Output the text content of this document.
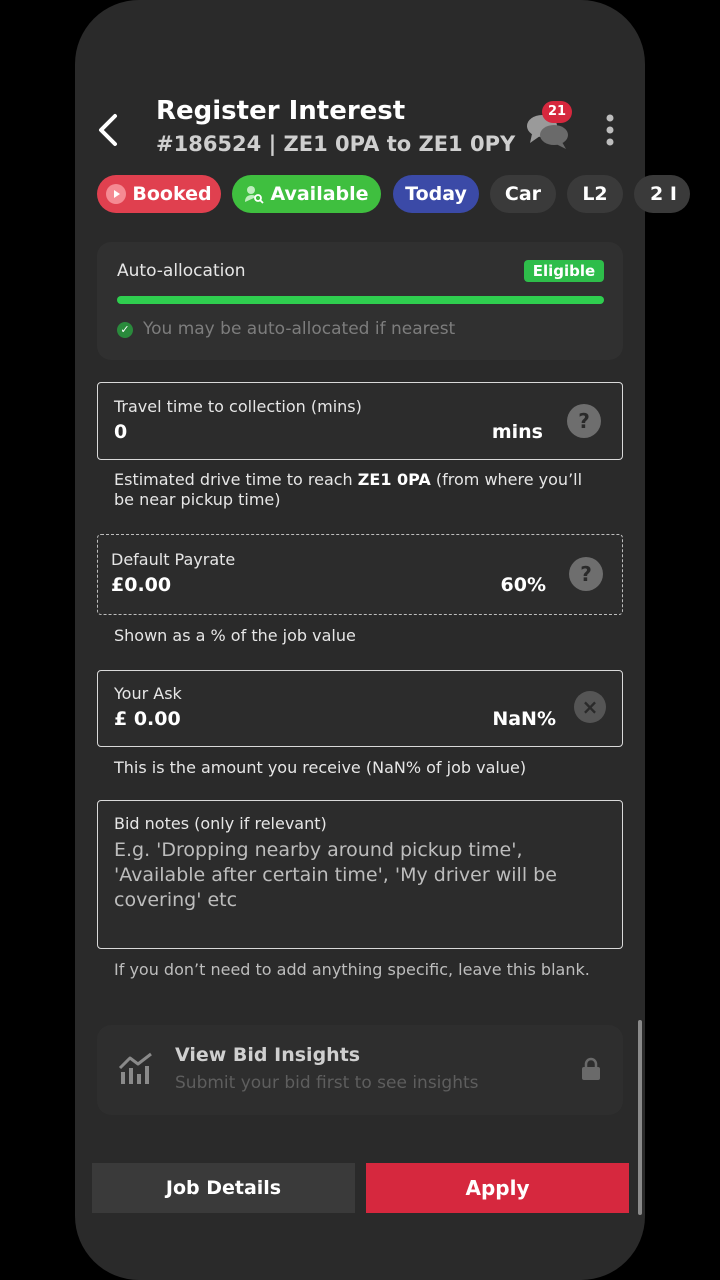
Register Interest
#186524 | ZE1 0PA to ZE1 0PY
21
Booked	Available Today Car L2 2 I
Auto-allocation	Eligible
✓ You may be auto-allocated if nearest
Travel time to collection (mins)
0	mins	?
Estimated drive time to reach ZE1 0PA (from where you’ll be near pickup time)
Default Payrate
£0.00	60%	?
Shown as a % of the job value
Your Ask
£ 0.00	NaN%	×
This is the amount you receive (NaN% of job value)
Bid notes (only if relevant)
E.g. 'Dropping nearby around pickup time', 'Available after certain time', 'My driver will be covering' etc
If you don’t need to add anything specific, leave this blank.
View Bid Insights
Submit your bid first to see insights
Job Details	Apply
